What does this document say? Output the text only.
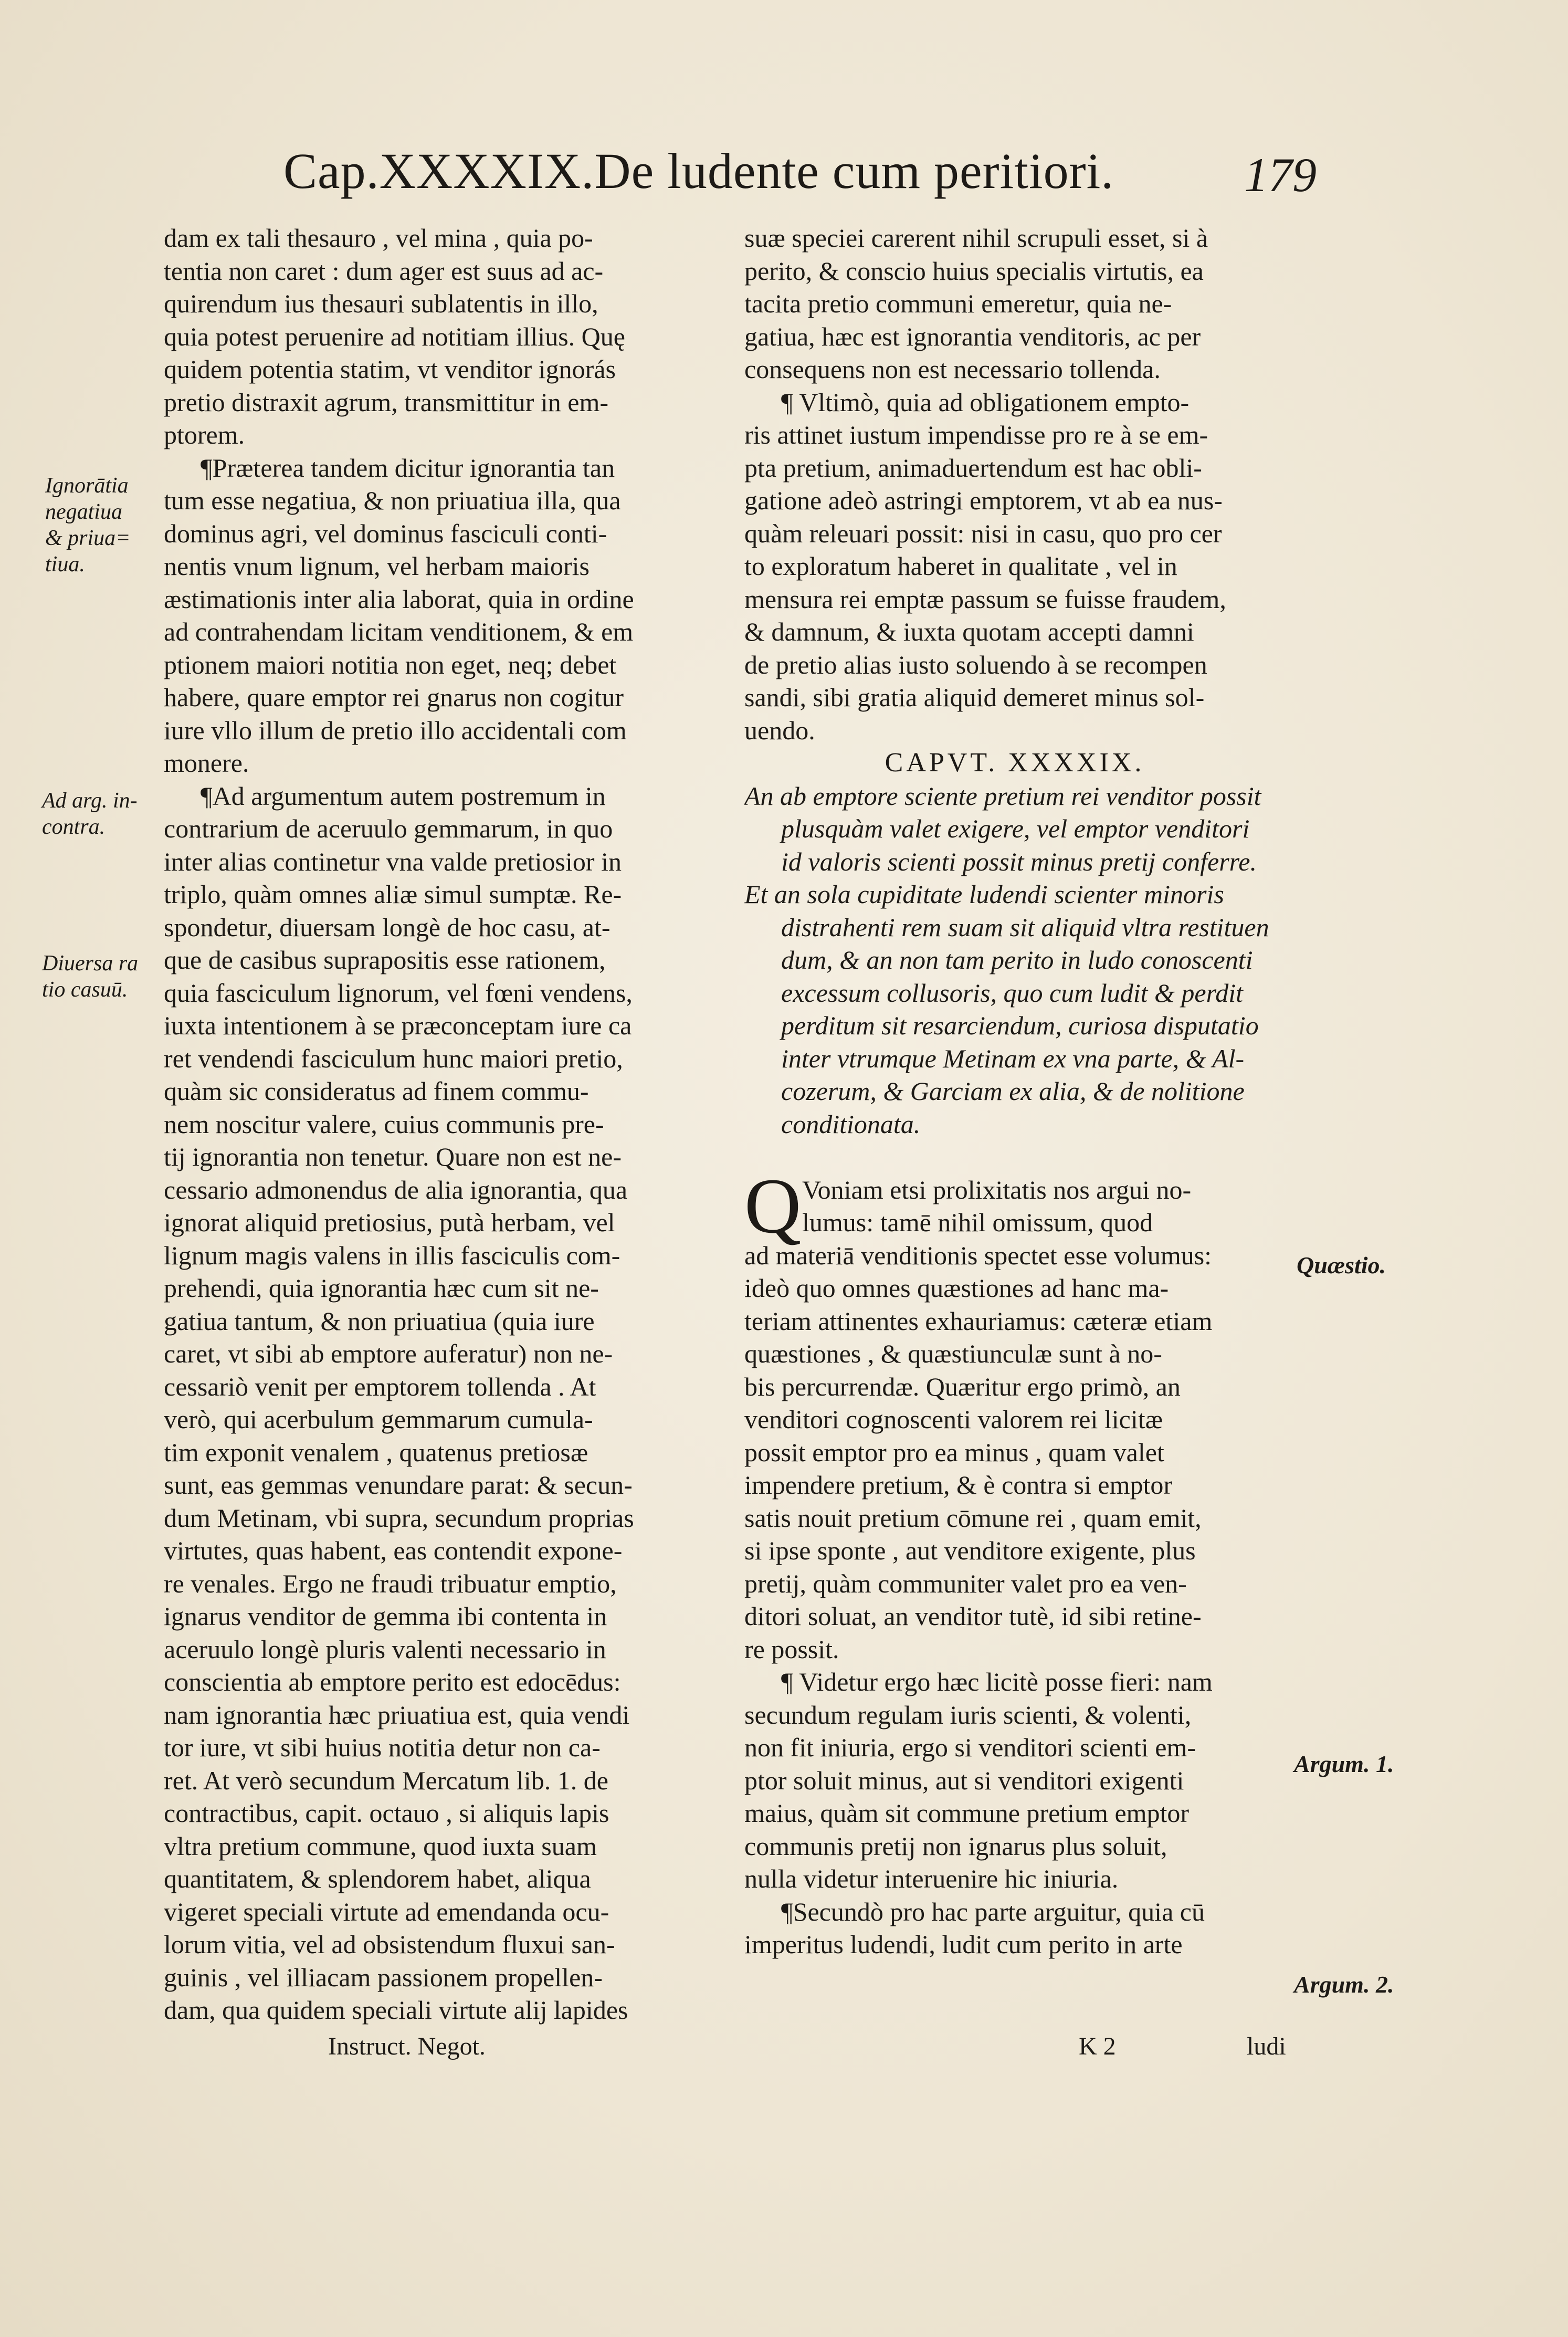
Cap.XXXXIX.De ludente cum peritiori.	179
Ignorātia
negatiua
& priua=
tiua.
Ad arg. in-
contra.
Diuersa ra
tio casuū.
Quæstio.
Argum. 1.
Argum. 2.
dam ex tali thesauro , vel mina , quia po-
tentia non caret : dum ager est suus ad ac-
quirendum ius thesauri sublatentis in illo,
quia potest peruenire ad notitiam illius. Quę
quidem potentia statim, vt venditor ignorás
pretio distraxit agrum, transmittitur in em-
ptorem.
¶Præterea tandem dicitur ignorantia tan
tum esse negatiua, & non priuatiua illa, qua
dominus agri, vel dominus fasciculi conti-
nentis vnum lignum, vel herbam maioris
æstimationis inter alia laborat, quia in ordine
ad contrahendam licitam venditionem, & em
ptionem maiori notitia non eget, neq; debet
habere, quare emptor rei gnarus non cogitur
iure vllo illum de pretio illo accidentali com
monere.
¶Ad argumentum autem postremum in
contrarium de aceruulo gemmarum, in quo
inter alias continetur vna valde pretiosior in
triplo, quàm omnes aliæ simul sumptæ. Re-
spondetur, diuersam longè de hoc casu, at-
que de casibus suprapositis esse rationem,
quia fasciculum lignorum, vel fœni vendens,
iuxta intentionem à se præconceptam iure ca
ret vendendi fasciculum hunc maiori pretio,
quàm sic consideratus ad finem commu-
nem noscitur valere, cuius communis pre-
tij ignorantia non tenetur. Quare non est ne-
cessario admonendus de alia ignorantia, qua
ignorat aliquid pretiosius, putà herbam, vel
lignum magis valens in illis fasciculis com-
prehendi, quia ignorantia hæc cum sit ne-
gatiua tantum, & non priuatiua (quia iure
caret, vt sibi ab emptore auferatur) non ne-
cessariò venit per emptorem tollenda . At
verò, qui acerbulum gemmarum cumula-
tim exponit venalem , quatenus pretiosæ
sunt, eas gemmas venundare parat: & secun-
dum Metinam, vbi supra, secundum proprias
virtutes, quas habent, eas contendit expone-
re venales. Ergo ne fraudi tribuatur emptio,
ignarus venditor de gemma ibi contenta in
aceruulo longè pluris valenti necessario in
conscientia ab emptore perito est edocēdus:
nam ignorantia hæc priuatiua est, quia vendi
tor iure, vt sibi huius notitia detur non ca-
ret. At verò secundum Mercatum lib. 1. de
contractibus, capit. octauo , si aliquis lapis
vltra pretium commune, quod iuxta suam
quantitatem, & splendorem habet, aliqua
vigeret speciali virtute ad emendanda ocu-
lorum vitia, vel ad obsistendum fluxui san-
guinis , vel illiacam passionem propellen-
dam, qua quidem speciali virtute alij lapides
suæ speciei carerent nihil scrupuli esset, si à
perito, & conscio huius specialis virtutis, ea
tacita pretio communi emeretur, quia ne-
gatiua, hæc est ignorantia venditoris, ac per
consequens non est necessario tollenda.
¶ Vltimò, quia ad obligationem empto-
ris attinet iustum impendisse pro re à se em-
pta pretium, animaduertendum est hac obli-
gatione adeò astringi emptorem, vt ab ea nus-
quàm releuari possit: nisi in casu, quo pro cer
to exploratum haberet in qualitate , vel in
mensura rei emptæ passum se fuisse fraudem,
& damnum, & iuxta quotam accepti damni
de pretio alias iusto soluendo à se recompen
sandi, sibi gratia aliquid demeret minus sol-
uendo.
CAPVT. XXXXIX.
An ab emptore sciente pretium rei venditor possit
plusquàm valet exigere, vel emptor venditori
id valoris scienti possit minus pretij conferre.
Et an sola cupiditate ludendi scienter minoris
distrahenti rem suam sit aliquid vltra restituen
dum, & an non tam perito in ludo conoscenti
excessum collusoris, quo cum ludit & perdit
perditum sit resarciendum, curiosa disputatio
inter vtrumque Metinam ex vna parte, & Al-
cozerum, & Garciam ex alia, & de nolitione
conditionata.
Q Voniam etsi prolixitatis nos argui no-
lumus: tamē nihil omissum, quod
ad materiā venditionis spectet esse volumus:
ideò quo omnes quæstiones ad hanc ma-
teriam attinentes exhauriamus: cæteræ etiam
quæstiones , & quæstiunculæ sunt à no-
bis percurrendæ. Quæritur ergo primò, an
venditori cognoscenti valorem rei licitæ
possit emptor pro ea minus , quam valet
impendere pretium, & è contra si emptor
satis nouit pretium cōmune rei , quam emit,
si ipse sponte , aut venditore exigente, plus
pretij, quàm communiter valet pro ea ven-
ditori soluat, an venditor tutè, id sibi retine-
re possit.
¶ Videtur ergo hæc licitè posse fieri: nam
secundum regulam iuris scienti, & volenti,
non fit iniuria, ergo si venditori scienti em-
ptor soluit minus, aut si venditori exigenti
maius, quàm sit commune pretium emptor
communis pretij non ignarus plus soluit,
nulla videtur interuenire hic iniuria.
¶Secundò pro hac parte arguitur, quia cū
imperitus ludendi, ludit cum perito in arte
Instruct. Negot.	K 2	ludi
